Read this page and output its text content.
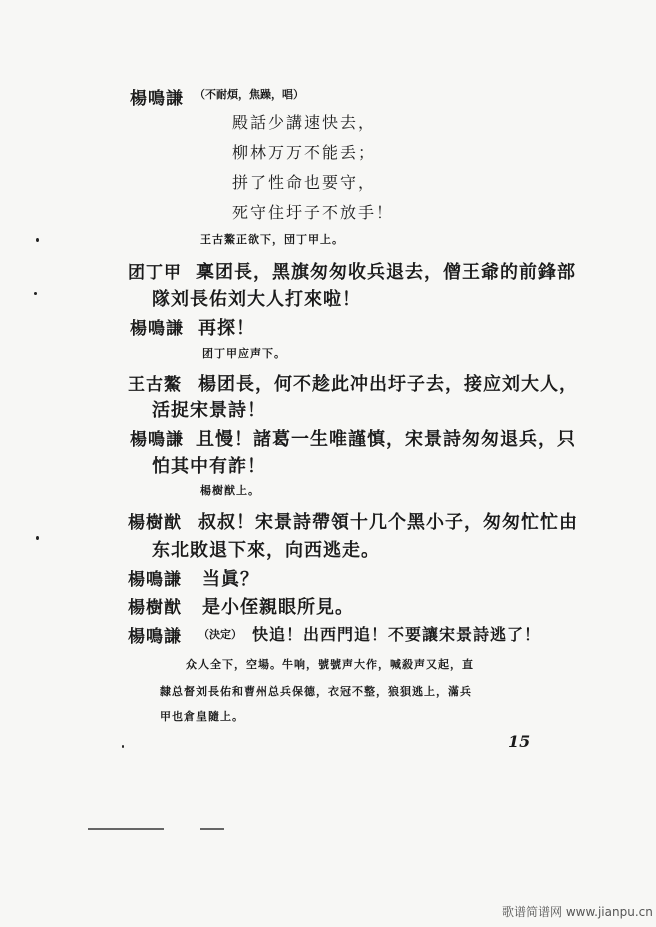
楊鳴謙 （不耐煩，焦躁，唱）
殿話少講速快去，
柳林万万不能丢；
拼了性命也要守，
死守住圩子不放手！
王古鰲正欲下，団丁甲上。
团丁甲 稟团長，黑旗匆匆收兵退去，僧王爺的前鋒部
隊刘長佑刘大人打來啦！
楊鳴謙 再探！
团丁甲应声下。
王古鰲 楊团長，何不趁此冲出圩子去，接应刘大人，
活捉宋景詩！
楊鳴謙 且慢！諸葛一生唯謹慎，宋景詩匆匆退兵，只
怕其中有詐！
楊樹猷上。
楊樹猷 叔叔！宋景詩帶領十几个黑小子，匆匆忙忙由
东北敗退下來，向西逃走。
楊鳴謙 当眞？
楊樹猷 是小侄親眼所見。
楊鳴謙 （決定） 快追！出西門追！不要讓宋景詩逃了！
众人全下，空場。牛响，號號声大作，喊殺声又起，直
隸总督刘長佑和曹州总兵保德，衣冠不整，狼狽逃上，滿兵
甲也倉皇隨上。
15
歌谱简谱网 www.jianpu.cn
